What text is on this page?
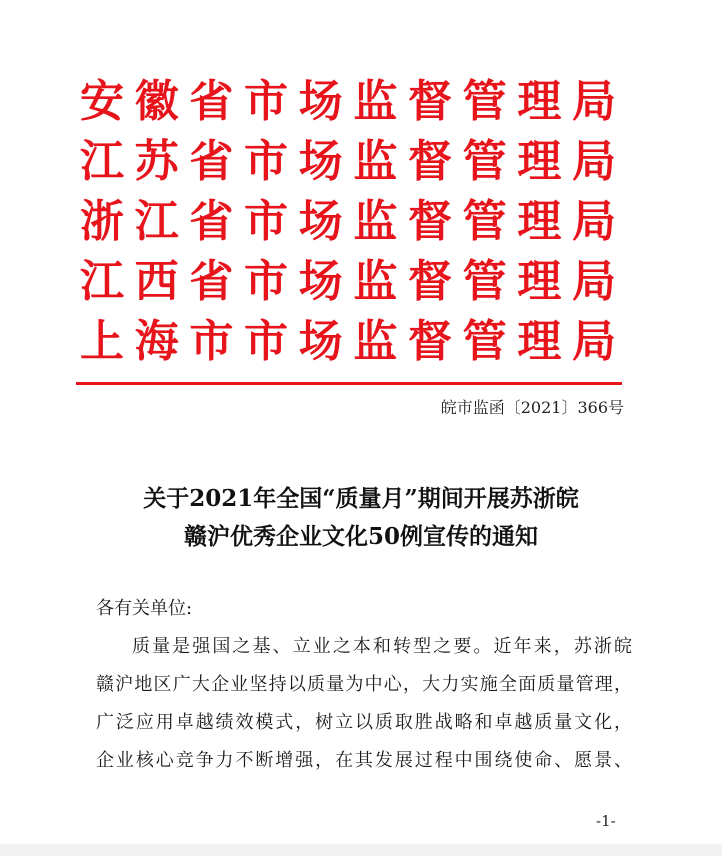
安徽省市场监督管理局
江苏省市场监督管理局
浙江省市场监督管理局
江西省市场监督管理局
上海市市场监督管理局
皖市监函〔2021〕366号
关于2021年全国“质量月”期间开展苏浙皖
赣沪优秀企业文化50例宣传的通知
各有关单位:
质量是强国之基、立业之本和转型之要。近年来，苏浙皖
赣沪地区广大企业坚持以质量为中心，大力实施全面质量管理，
广泛应用卓越绩效模式，树立以质取胜战略和卓越质量文化，
企业核心竞争力不断增强，在其发展过程中围绕使命、愿景、
-1-
